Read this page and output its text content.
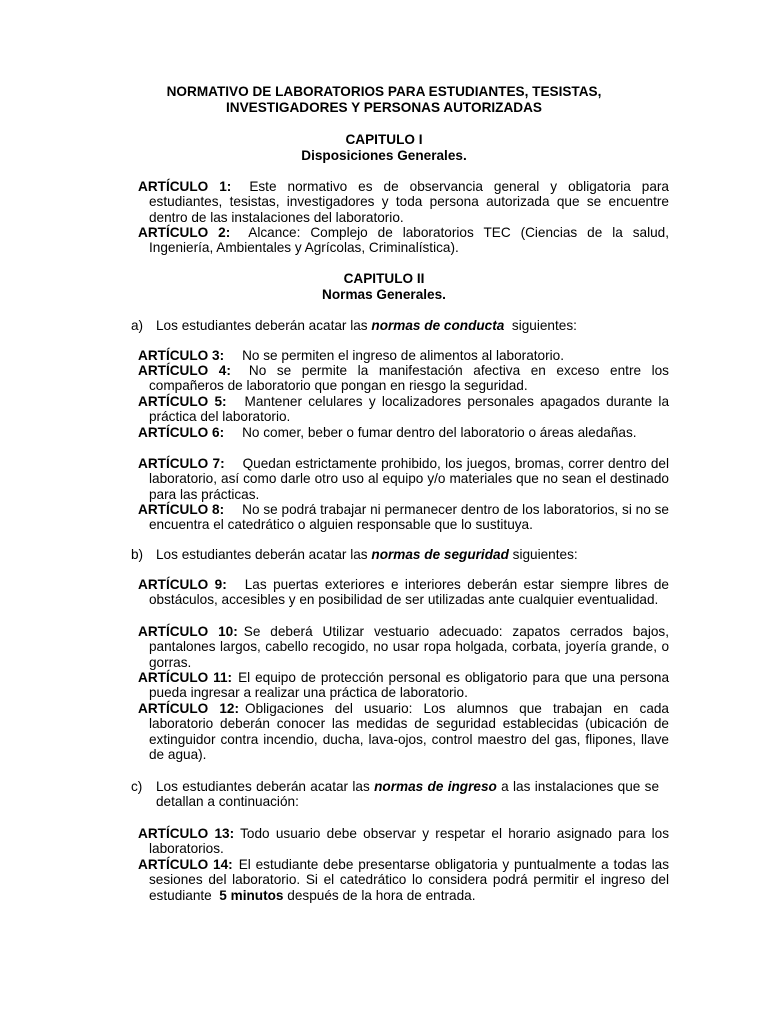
NORMATIVO DE LABORATORIOS PARA ESTUDIANTES, TESISTAS,
INVESTIGADORES Y PERSONAS AUTORIZADAS
CAPITULO I
Disposiciones Generales.
ARTÍCULO 1: Este normativo es de observancia general y obligatoria para estudiantes, tesistas, investigadores y toda persona autorizada que se encuentre dentro de las instalaciones del laboratorio.
ARTÍCULO 2: Alcance: Complejo de laboratorios TEC (Ciencias de la salud, Ingeniería, Ambientales y Agrícolas, Criminalística).
CAPITULO II
Normas Generales.
a) Los estudiantes deberán acatar las normas de conducta siguientes:
ARTÍCULO 3: No se permiten el ingreso de alimentos al laboratorio.
ARTÍCULO 4: No se permite la manifestación afectiva en exceso entre los compañeros de laboratorio que pongan en riesgo la seguridad.
ARTÍCULO 5: Mantener celulares y localizadores personales apagados durante la práctica del laboratorio.
ARTÍCULO 6: No comer, beber o fumar dentro del laboratorio o áreas aledañas.
ARTÍCULO 7: Quedan estrictamente prohibido, los juegos, bromas, correr dentro del laboratorio, así como darle otro uso al equipo y/o materiales que no sean el destinado para las prácticas.
ARTÍCULO 8: No se podrá trabajar ni permanecer dentro de los laboratorios, si no se encuentra el catedrático o alguien responsable que lo sustituya.
b) Los estudiantes deberán acatar las normas de seguridad siguientes:
ARTÍCULO 9: Las puertas exteriores e interiores deberán estar siempre libres de obstáculos, accesibles y en posibilidad de ser utilizadas ante cualquier eventualidad.
ARTÍCULO 10: Se deberá Utilizar vestuario adecuado: zapatos cerrados bajos, pantalones largos, cabello recogido, no usar ropa holgada, corbata, joyería grande, o gorras.
ARTÍCULO 11: El equipo de protección personal es obligatorio para que una persona pueda ingresar a realizar una práctica de laboratorio.
ARTÍCULO 12: Obligaciones del usuario: Los alumnos que trabajan en cada laboratorio deberán conocer las medidas de seguridad establecidas (ubicación de extinguidor contra incendio, ducha, lava-ojos, control maestro del gas, flipones, llave de agua).
c) Los estudiantes deberán acatar las normas de ingreso a las instalaciones que se detallan a continuación:
ARTÍCULO 13: Todo usuario debe observar y respetar el horario asignado para los laboratorios.
ARTÍCULO 14: El estudiante debe presentarse obligatoria y puntualmente a todas las sesiones del laboratorio. Si el catedrático lo considera podrá permitir el ingreso del estudiante 5 minutos después de la hora de entrada.
